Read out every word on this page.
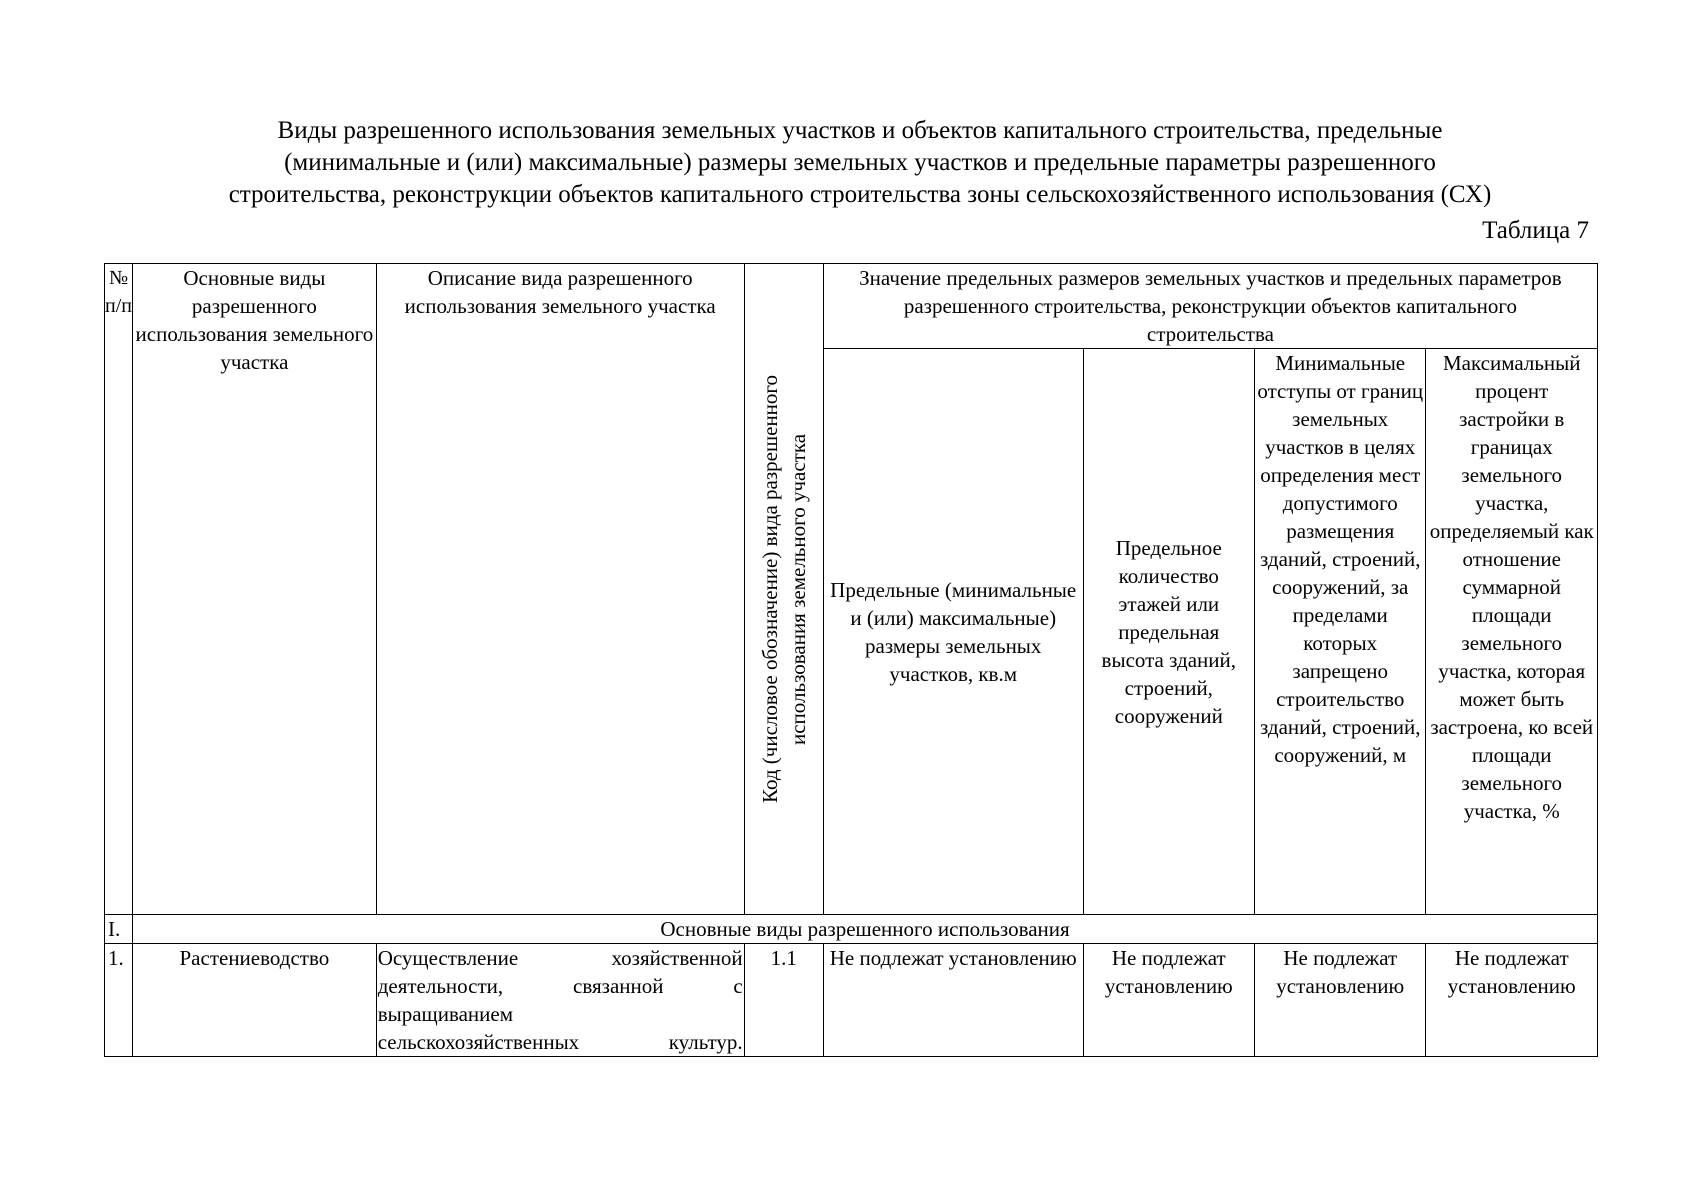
Виды разрешенного использования земельных участков и объектов капитального строительства, предельные
(минимальные и (или) максимальные) размеры земельных участков и предельные параметры разрешенного
строительства, реконструкции объектов капитального строительства зоны сельскохозяйственного использования (СХ)
Таблица 7
№ п/п	Основные виды разрешенного использования земельного участка	Описание вида разрешенного использования земельного участка	Код (числовое обозначение) вида разрешенного использования земельного участка	Значение предельных размеров земельных участков и предельных параметров разрешенного строительства, реконструкции объектов капитального строительства			
				Предельные (минимальные и (или) максимальные) размеры земельных участков, кв.м	Предельное количество этажей или предельная высота зданий, строений, сооружений	Минимальные отступы от границ земельных участков в целях определения мест допустимого размещения зданий, строений, сооружений, за пределами которых запрещено строительство зданий, строений, сооружений, м	Максимальный процент застройки в границах земельного участка, определяемый как отношение суммарной площади земельного участка, которая может быть застроена, ко всей площади земельного участка, %
I.	Основные виды разрешенного использования						
1.	Растениеводство	Осуществление хозяйственной
деятельности, связанной с
выращиванием
сельскохозяйственных культур.	1.1	Не подлежат установлению	Не подлежат установлению	Не подлежат установлению	Не подлежат установлению
